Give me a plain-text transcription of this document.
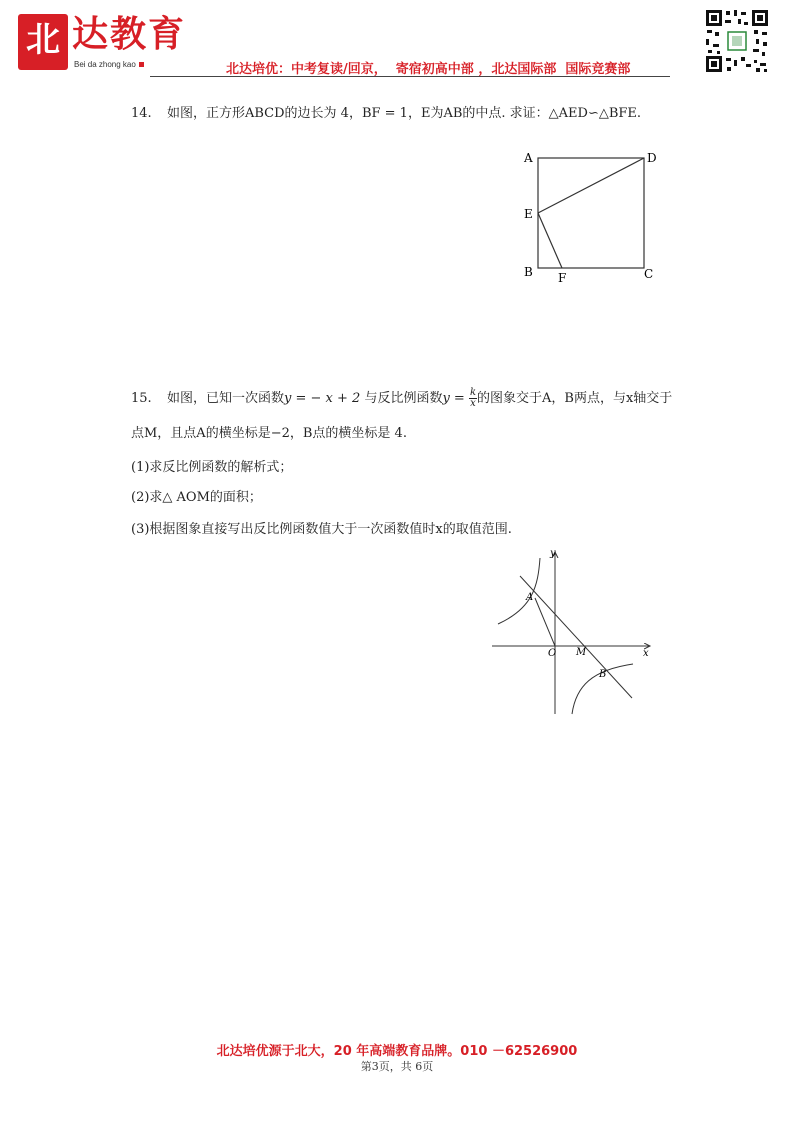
北 达教育
Bei da zhong kao	北达培优：中考复读/回京，  寄宿初高中部 ，北达国际部  国际竞赛部
14. 如图，正方形ABCD的边长为 4，BF = 1，E为AB的中点. 求证：△AED∽△BFE.
A	D
E
B F	C
15. 如图，已知一次函数y = − x + 2 与反比例函数$y = \frac{k}{x}$ 的图象交于A，B两点，与x轴交于
点M，且点A的横坐标是−2，B点的横坐标是 4.
(1)求反比例函数的解析式；
(2)求△ AOM的面积；
(3)根据图象直接写出反比例函数值大于一次函数值时x的取值范围.
y
x
O M
A
B
北达培优源于北大，20 年高端教育品牌。010 －62526900
第3页，共 6页
